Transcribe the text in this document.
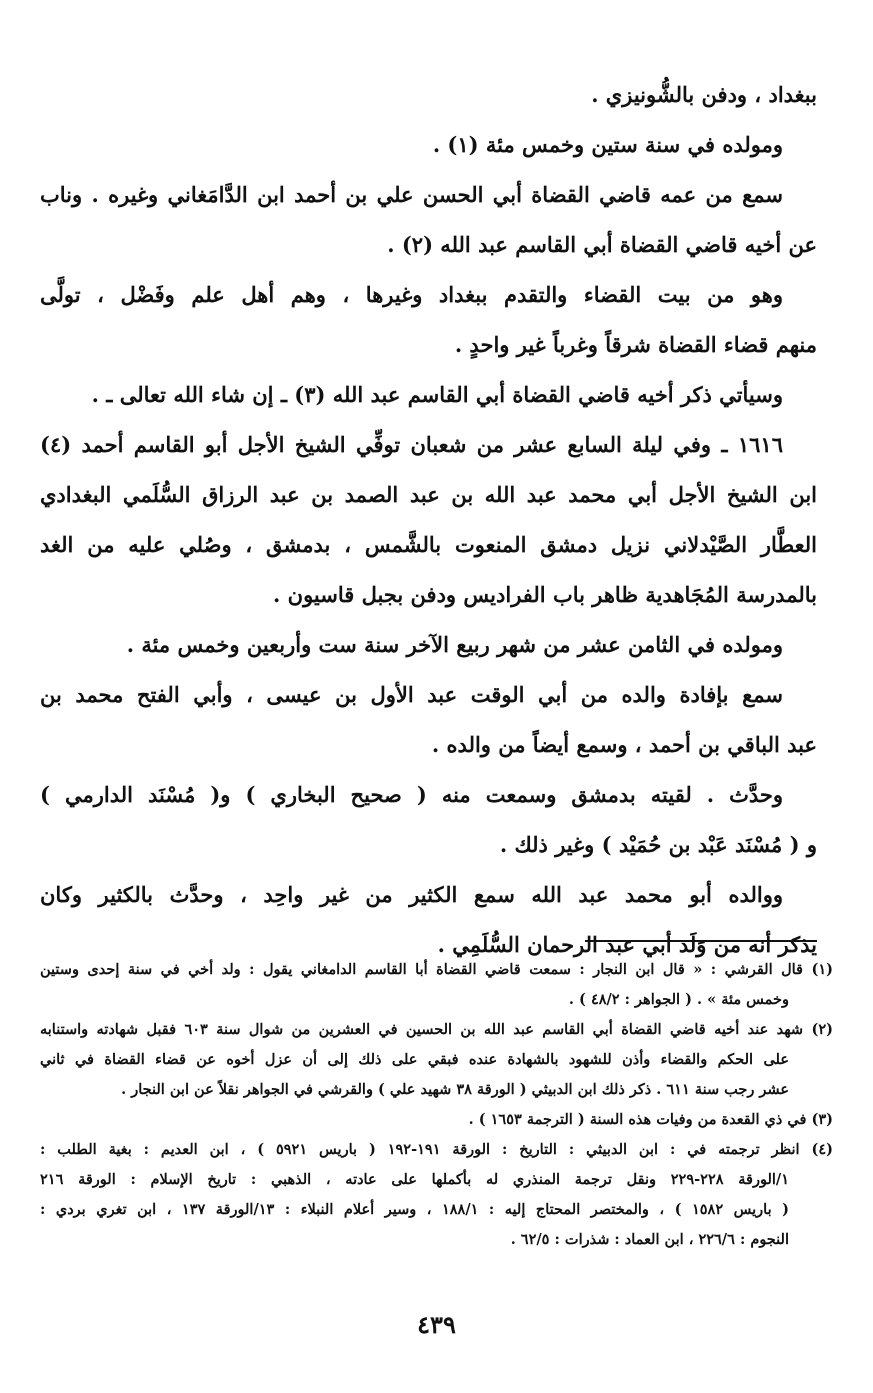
ببغداد ، ودفن بالشُّونيزي .
ومولده في سنة ستين وخمس مئة (١) .
سمع من عمه قاضي القضاة أبي الحسن علي بن أحمد ابن الدَّامَغاني وغيره . وناب
عن أخيه قاضي القضاة أبي القاسم عبد الله (٢) .
وهو من بيت القضاء والتقدم ببغداد وغيرها ، وهم أهل علم وفَضْل ، تولَّى
منهم قضاء القضاة شرقاً وغرباً غير واحدٍ .
وسيأتي ذكر أخيه قاضي القضاة أبي القاسم عبد الله (٣) ـ إن شاء الله تعالى ـ .
١٦١٦ ـ وفي ليلة السابع عشر من شعبان توفِّي الشيخ الأجل أبو القاسم أحمد (٤)
ابن الشيخ الأجل أبي محمد عبد الله بن عبد الصمد بن عبد الرزاق السُّلَمي البغدادي
العطَّار الصَّيْدلاني نزيل دمشق المنعوت بالشَّمس ، بدمشق ، وصُلي عليه من الغد
بالمدرسة المُجَاهدية ظاهر باب الفراديس ودفن بجبل قاسيون .
ومولده في الثامن عشر من شهر ربيع الآخر سنة ست وأربعين وخمس مئة .
سمع بإفادة والده من أبي الوقت عبد الأول بن عيسى ، وأبي الفتح محمد بن
عبد الباقي بن أحمد ، وسمع أيضاً من والده .
وحدَّث . لقيته بدمشق وسمعت منه ( صحيح البخاري ) و( مُسْنَد الدارمي )
و ( مُسْنَد عَبْد بن حُمَيْد ) وغير ذلك .
ووالده أبو محمد عبد الله سمع الكثير من غير واحِد ، وحدَّث بالكثير وكان
يذكر أنه من وَلَد أبي عبد الرحمان السُّلَمِي .
(١) قال القرشي : « قال ابن النجار : سمعت قاضي القضاة أبا القاسم الدامغاني يقول : ولد أخي في سنة إحدى وستين
وخمس مئة » . ( الجواهر : ٤٨/٢ ) .
(٢) شهد عند أخيه قاضي القضاة أبي القاسم عبد الله بن الحسين في العشرين من شوال سنة ٦٠٣ فقبل شهادته واستنابه
على الحكم والقضاء وأذن للشهود بالشهادة عنده فبقي على ذلك إلى أن عزل أخوه عن قضاء القضاة في ثاني
عشر رجب سنة ٦١١ . ذكر ذلك ابن الدبيثي ( الورقة ٣٨ شهيد علي ) والقرشي في الجواهر نقلاً عن ابن النجار .
(٣) في ذي القعدة من وفيات هذه السنة ( الترجمة ١٦٥٣ ) .
(٤) انظر ترجمته في : ابن الدبيثي : التاريخ : الورقة ١٩١-١٩٢ ( باريس ٥٩٢١ ) ، ابن العديم : بغية الطلب :
١/الورقة ٢٢٨-٢٢٩ ونقل ترجمة المنذري له بأكملها على عادته ، الذهبي : تاريخ الإسلام : الورقة ٢١٦
( باريس ١٥٨٢ ) ، والمختصر المحتاج إليه : ١٨٨/١ ، وسير أعلام النبلاء : ١٣/الورقة ١٣٧ ، ابن تغري بردي :
النجوم : ٢٢٦/٦ ، ابن العماد : شذرات : ٦٢/٥ .
٤٣٩
